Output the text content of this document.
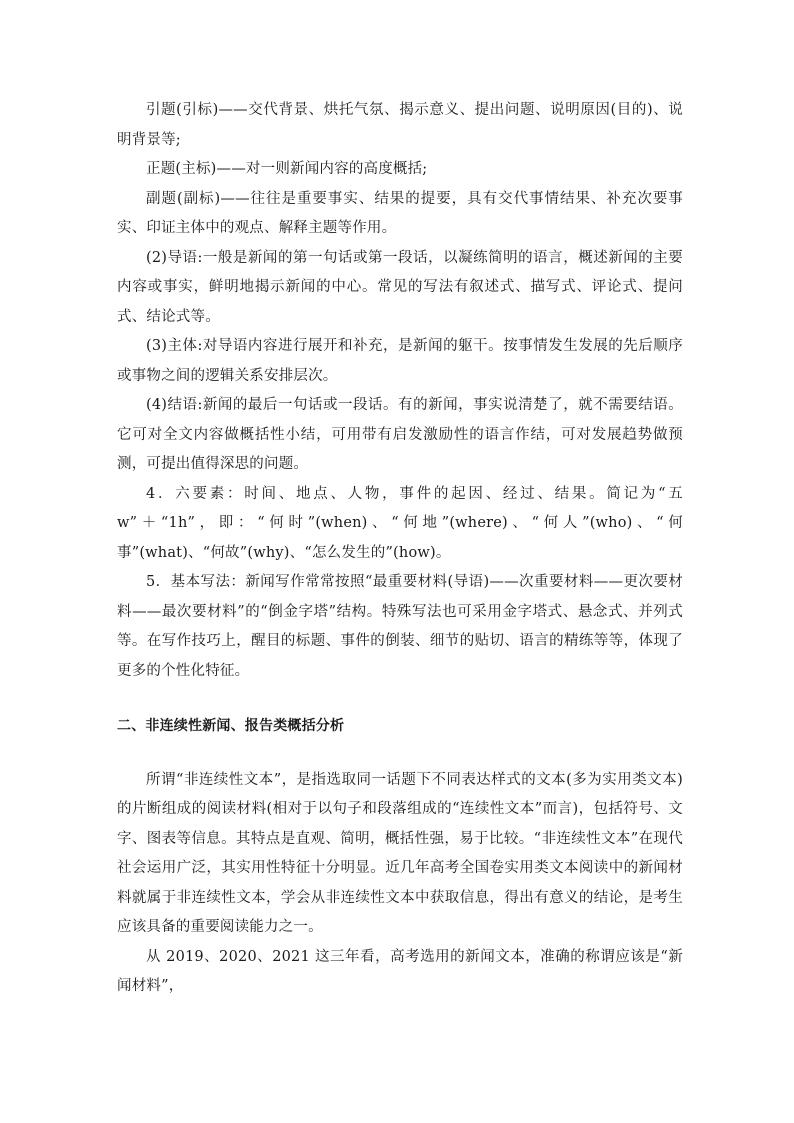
引题(引标)——交代背景、烘托气氛、揭示意义、提出问题、说明原因(目的)、说明背景等;

正题(主标)——对一则新闻内容的高度概括;

副题(副标)——往往是重要事实、结果的提要，具有交代事情结果、补充次要事实、印证主体中的观点、解释主题等作用。

(2)导语:一般是新闻的第一句话或第一段话，以凝练简明的语言，概述新闻的主要内容或事实，鲜明地揭示新闻的中心。常见的写法有叙述式、描写式、评论式、提问式、结论式等。

(3)主体:对导语内容进行展开和补充，是新闻的躯干。按事情发生发展的先后顺序或事物之间的逻辑关系安排层次。

(4)结语:新闻的最后一句话或一段话。有的新闻，事实说清楚了，就不需要结语。它可对全文内容做概括性小结，可用带有启发激励性的语言作结，可对发展趋势做预测，可提出值得深思的问题。

4．六要素：时间、地点、人物，事件的起因、经过、结果。简记为“五 w”＋“1h”，即：“何时”(when)、“何地”(where)、“何人”(who)、“何事”(what)、“何故”(why)、“怎么发生的”(how)。

5．基本写法：新闻写作常常按照“最重要材料(导语)——次重要材料——更次要材料——最次要材料”的“倒金字塔”结构。特殊写法也可采用金字塔式、悬念式、并列式等。在写作技巧上，醒目的标题、事件的倒装、细节的贴切、语言的精练等等，体现了更多的个性化特征。

二、非连续性新闻、报告类概括分析

所谓“非连续性文本”，是指选取同一话题下不同表达样式的文本(多为实用类文本)的片断组成的阅读材料(相对于以句子和段落组成的“连续性文本”而言)，包括符号、文字、图表等信息。其特点是直观、简明，概括性强，易于比较。“非连续性文本”在现代社会运用广泛，其实用性特征十分明显。近几年高考全国卷实用类文本阅读中的新闻材料就属于非连续性文本，学会从非连续性文本中获取信息，得出有意义的结论，是考生应该具备的重要阅读能力之一。

从 2019、2020、2021 这三年看，高考选用的新闻文本，准确的称谓应该是“新闻材料”，
